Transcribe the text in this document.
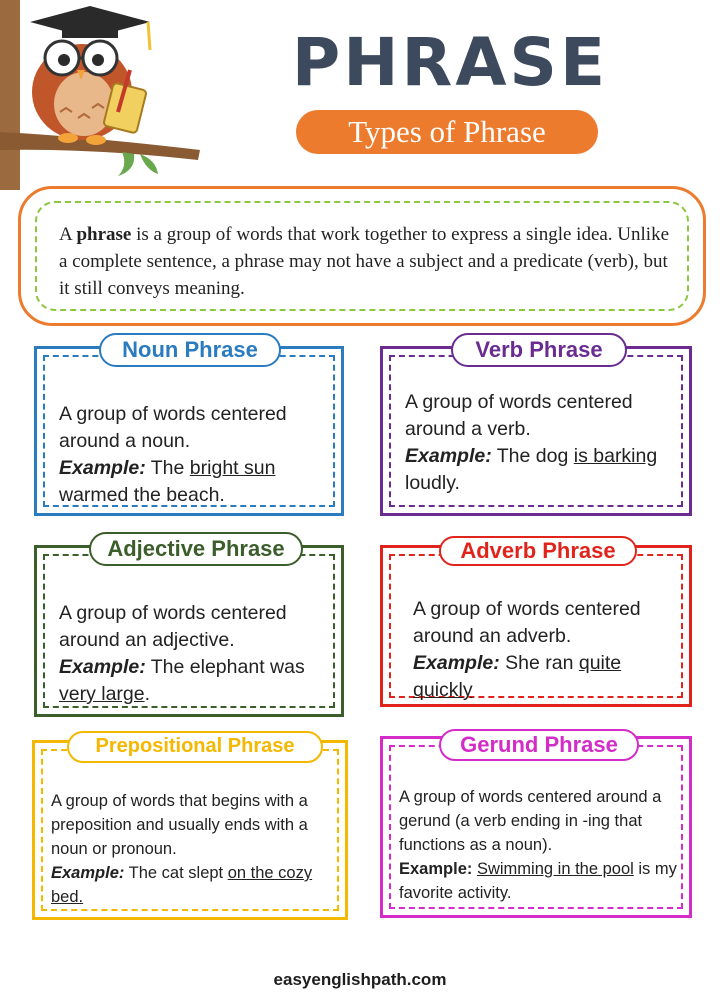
PHRASE
Types of Phrase
A phrase is a group of words that work together to express a single idea. Unlike a complete sentence, a phrase may not have a subject and a predicate (verb), but it still conveys meaning.
Noun Phrase
A group of words centered around a noun.
Example: The bright sun warmed the beach.
Verb Phrase
A group of words centered around a verb.
Example: The dog is barking loudly.
Adjective Phrase
A group of words centered around an adjective.
Example: The elephant was very large.
Adverb Phrase
A group of words centered around an adverb.
Example: She ran quite quickly
Prepositional Phrase
A group of words that begins with a preposition and usually ends with a noun or pronoun.
Example: The cat slept on the cozy bed.
Gerund Phrase
A group of words centered around a gerund (a verb ending in -ing that functions as a noun).
Example: Swimming in the pool is my favorite activity.
easyenglishpath.com
